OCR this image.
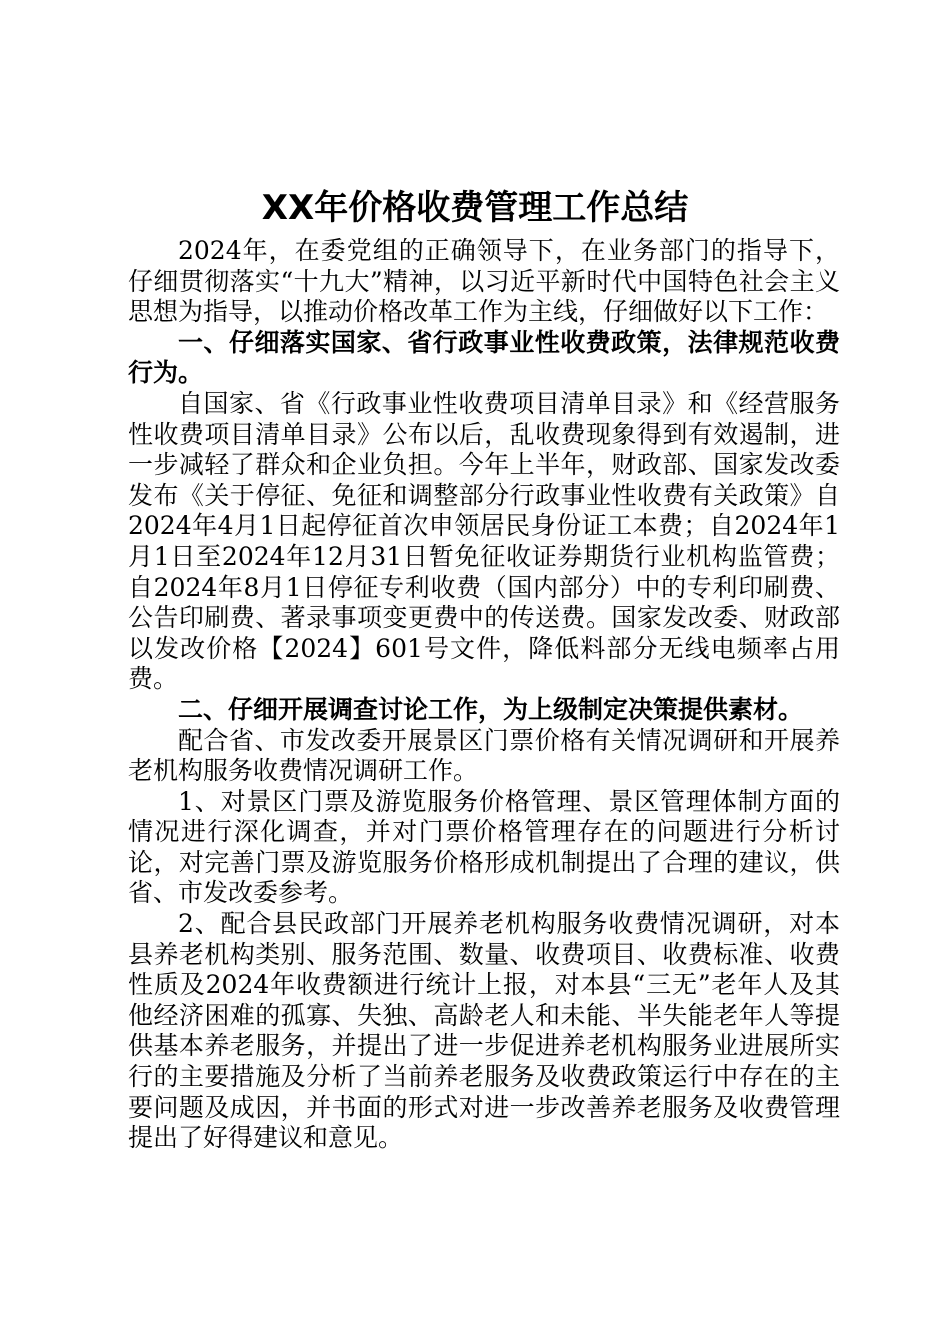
XX年价格收费管理工作总结

2024年，在委党组的正确领导下，在业务部门的指导下，仔细贯彻落实“十九大”精神，以习近平新时代中国特色社会主义思想为指导，以推动价格改革工作为主线，仔细做好以下工作：

一、仔细落实国家、省行政事业性收费政策，法律规范收费行为。

自国家、省《行政事业性收费项目清单目录》和《经营服务性收费项目清单目录》公布以后，乱收费现象得到有效遏制，进一步减轻了群众和企业负担。今年上半年，财政部、国家发改委发布《关于停征、免征和调整部分行政事业性收费有关政策》自2024年4月1日起停征首次申领居民身份证工本费；自2024年1月1日至2024年12月31日暂免征收证券期货行业机构监管费；自2024年8月1日停征专利收费（国内部分）中的专利印刷费、公告印刷费、著录事项变更费中的传送费。国家发改委、财政部以发改价格【2024】601号文件，降低料部分无线电频率占用费。

二、仔细开展调查讨论工作，为上级制定决策提供素材。

配合省、市发改委开展景区门票价格有关情况调研和开展养老机构服务收费情况调研工作。

1、对景区门票及游览服务价格管理、景区管理体制方面的情况进行深化调查，并对门票价格管理存在的问题进行分析讨论，对完善门票及游览服务价格形成机制提出了合理的建议，供省、市发改委参考。

2、配合县民政部门开展养老机构服务收费情况调研，对本县养老机构类别、服务范围、数量、收费项目、收费标准、收费性质及2024年收费额进行统计上报，对本县“三无”老年人及其他经济困难的孤寡、失独、高龄老人和未能、半失能老年人等提供基本养老服务，并提出了进一步促进养老机构服务业进展所实行的主要措施及分析了当前养老服务及收费政策运行中存在的主要问题及成因，并书面的形式对进一步改善养老服务及收费管理提出了好得建议和意见。
